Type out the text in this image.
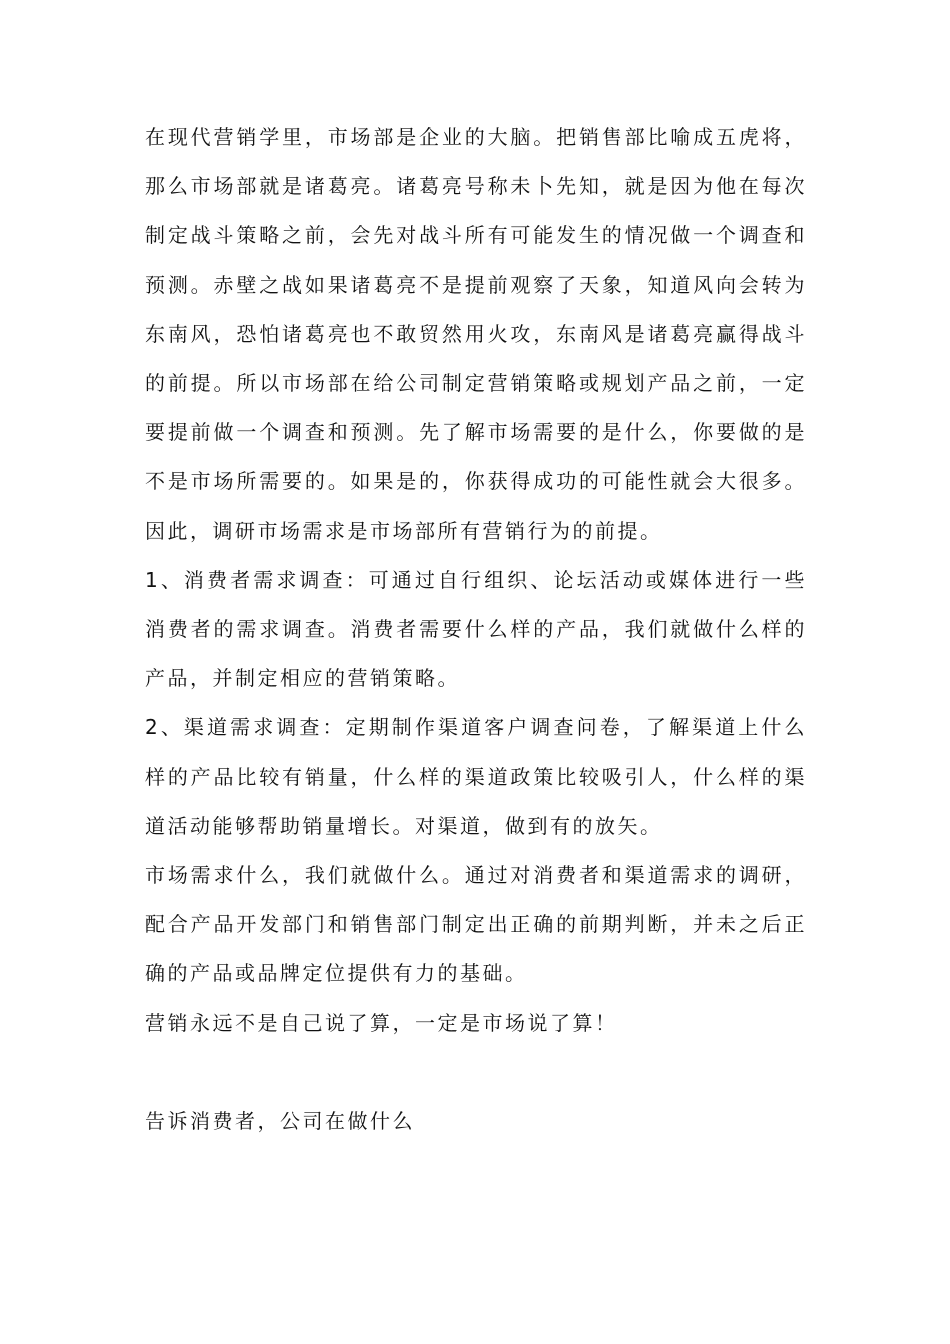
在现代营销学里，市场部是企业的大脑。把销售部比喻成五虎将，那么市场部就是诸葛亮。诸葛亮号称未卜先知，就是因为他在每次制定战斗策略之前，会先对战斗所有可能发生的情况做一个调查和预测。赤壁之战如果诸葛亮不是提前观察了天象，知道风向会转为东南风，恐怕诸葛亮也不敢贸然用火攻，东南风是诸葛亮赢得战斗的前提。所以市场部在给公司制定营销策略或规划产品之前，一定要提前做一个调查和预测。先了解市场需要的是什么，你要做的是不是市场所需要的。如果是的，你获得成功的可能性就会大很多。因此，调研市场需求是市场部所有营销行为的前提。

1、消费者需求调查：可通过自行组织、论坛活动或媒体进行一些消费者的需求调查。消费者需要什么样的产品，我们就做什么样的产品，并制定相应的营销策略。

2、渠道需求调查：定期制作渠道客户调查问卷，了解渠道上什么样的产品比较有销量，什么样的渠道政策比较吸引人，什么样的渠道活动能够帮助销量增长。对渠道，做到有的放矢。

市场需求什么，我们就做什么。通过对消费者和渠道需求的调研，配合产品开发部门和销售部门制定出正确的前期判断，并未之后正确的产品或品牌定位提供有力的基础。

营销永远不是自己说了算，一定是市场说了算！

告诉消费者，公司在做什么
